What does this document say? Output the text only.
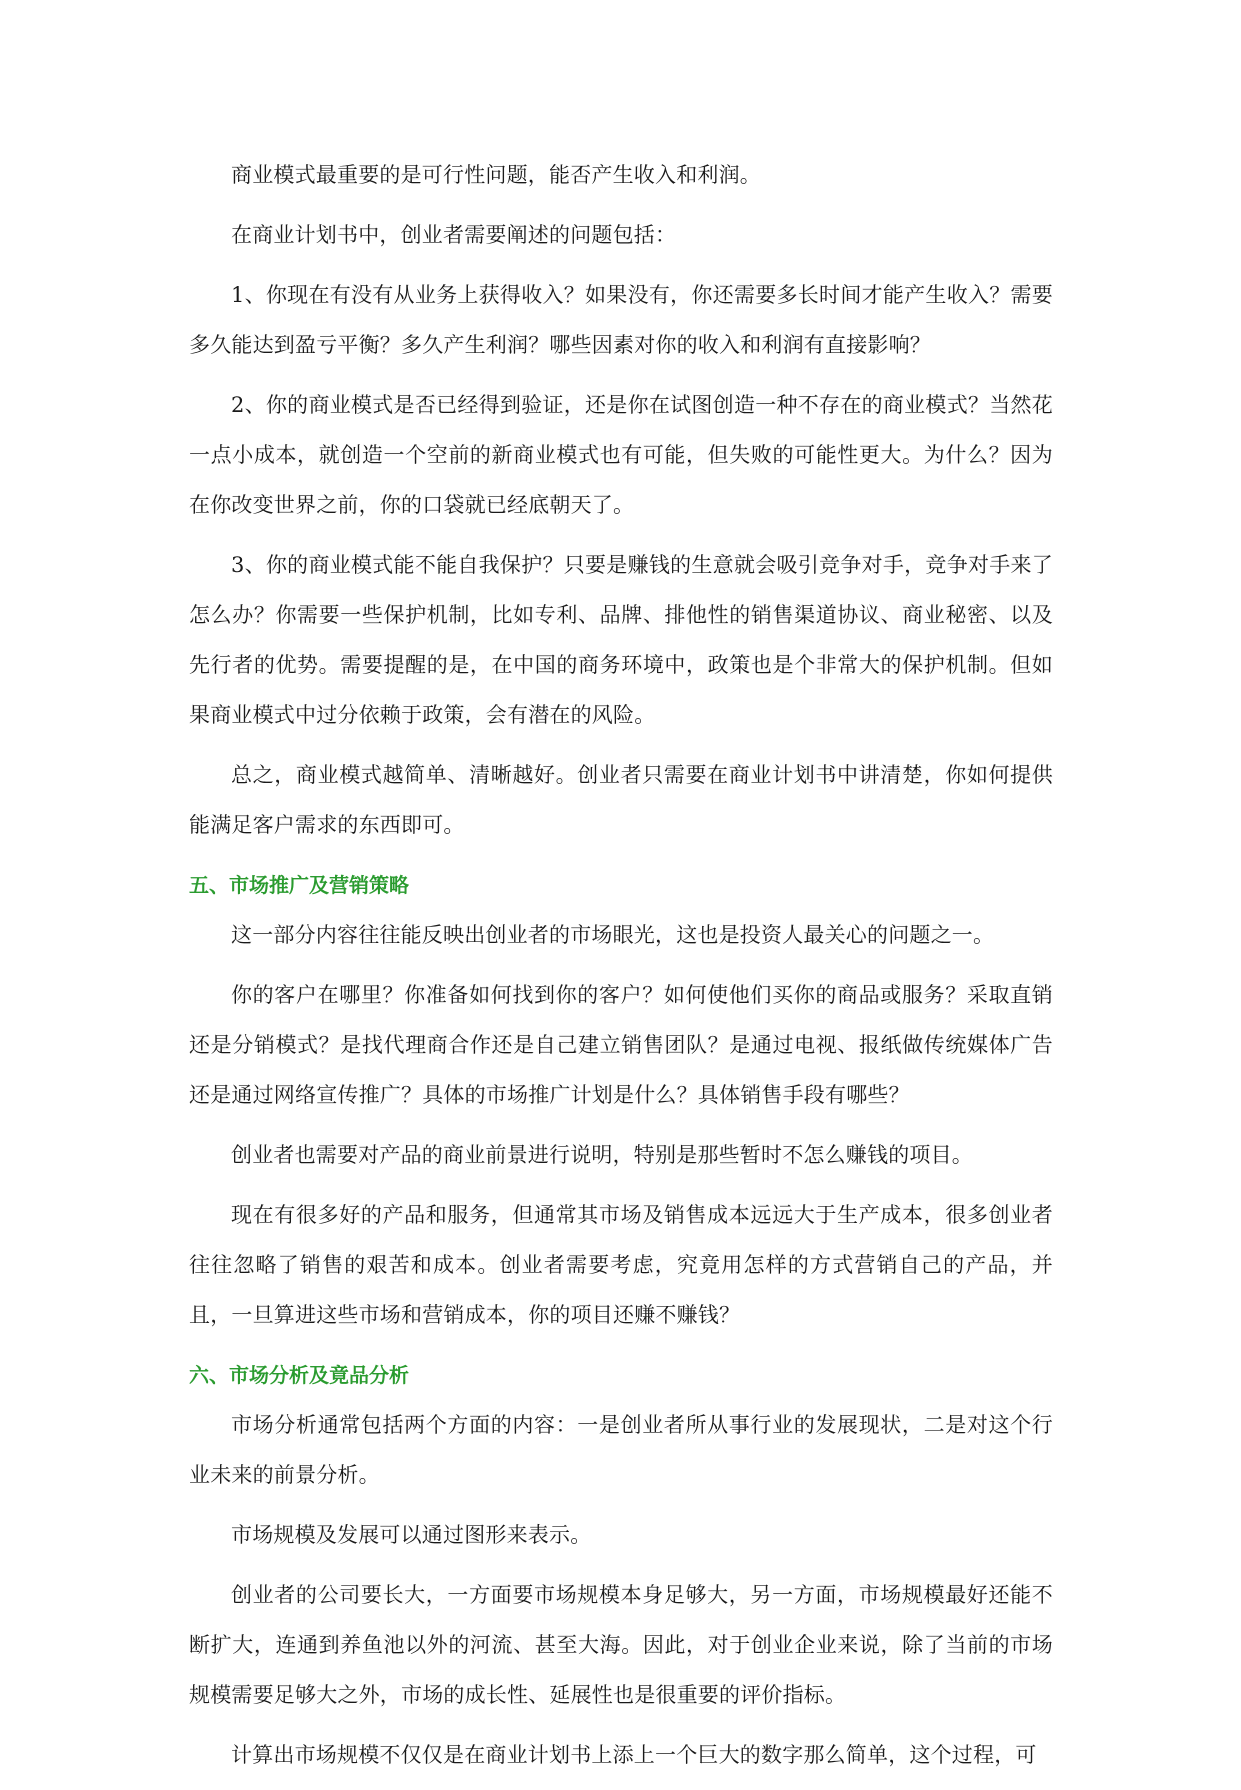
商业模式最重要的是可行性问题，能否产生收入和利润。

在商业计划书中，创业者需要阐述的问题包括：

1、你现在有没有从业务上获得收入？如果没有，你还需要多长时间才能产生收入？需要多久能达到盈亏平衡？多久产生利润？哪些因素对你的收入和利润有直接影响？

2、你的商业模式是否已经得到验证，还是你在试图创造一种不存在的商业模式？当然花一点小成本，就创造一个空前的新商业模式也有可能，但失败的可能性更大。为什么？因为在你改变世界之前，你的口袋就已经底朝天了。

3、你的商业模式能不能自我保护？只要是赚钱的生意就会吸引竞争对手，竞争对手来了怎么办？你需要一些保护机制，比如专利、品牌、排他性的销售渠道协议、商业秘密、以及先行者的优势。需要提醒的是，在中国的商务环境中，政策也是个非常大的保护机制。但如果商业模式中过分依赖于政策，会有潜在的风险。

总之，商业模式越简单、清晰越好。创业者只需要在商业计划书中讲清楚，你如何提供能满足客户需求的东西即可。

五、市场推广及营销策略

这一部分内容往往能反映出创业者的市场眼光，这也是投资人最关心的问题之一。

你的客户在哪里？你准备如何找到你的客户？如何使他们买你的商品或服务？采取直销还是分销模式？是找代理商合作还是自己建立销售团队？是通过电视、报纸做传统媒体广告还是通过网络宣传推广？具体的市场推广计划是什么？具体销售手段有哪些？

创业者也需要对产品的商业前景进行说明，特别是那些暂时不怎么赚钱的项目。

现在有很多好的产品和服务，但通常其市场及销售成本远远大于生产成本，很多创业者往往忽略了销售的艰苦和成本。创业者需要考虑，究竟用怎样的方式营销自己的产品，并且，一旦算进这些市场和营销成本，你的项目还赚不赚钱？

六、市场分析及竟品分析

市场分析通常包括两个方面的内容：一是创业者所从事行业的发展现状，二是对这个行业未来的前景分析。

市场规模及发展可以通过图形来表示。

创业者的公司要长大，一方面要市场规模本身足够大，另一方面，市场规模最好还能不断扩大，连通到养鱼池以外的河流、甚至大海。因此，对于创业企业来说，除了当前的市场规模需要足够大之外，市场的成长性、延展性也是很重要的评价指标。

计算出市场规模不仅仅是在商业计划书上添上一个巨大的数字那么简单，这个过程，可
